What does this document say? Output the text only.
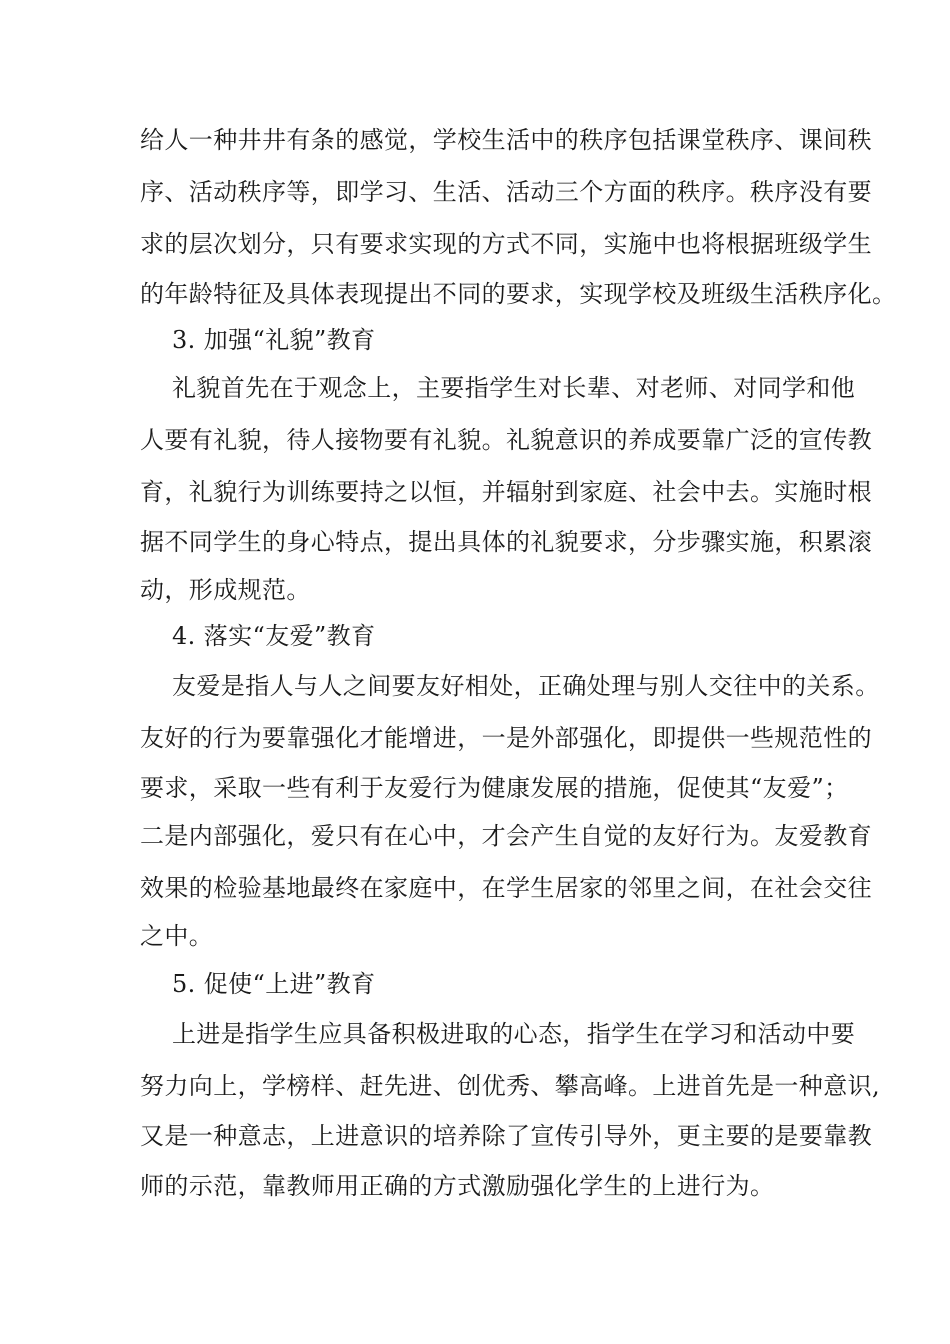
给人一种井井有条的感觉，学校生活中的秩序包括课堂秩序、课间秩
序、活动秩序等，即学习、生活、活动三个方面的秩序。秩序没有要
求的层次划分，只有要求实现的方式不同，实施中也将根据班级学生
的年龄特征及具体表现提出不同的要求，实现学校及班级生活秩序化。
3. 加强“礼貌”教育
礼貌首先在于观念上，主要指学生对长辈、对老师、对同学和他
人要有礼貌，待人接物要有礼貌。礼貌意识的养成要靠广泛的宣传教
育，礼貌行为训练要持之以恒，并辐射到家庭、社会中去。实施时根
据不同学生的身心特点，提出具体的礼貌要求，分步骤实施，积累滚
动，形成规范。
4. 落实“友爱”教育
友爱是指人与人之间要友好相处，正确处理与别人交往中的关系。
友好的行为要靠强化才能增进，一是外部强化，即提供一些规范性的
要求，采取一些有利于友爱行为健康发展的措施，促使其“友爱”；
二是内部强化，爱只有在心中，才会产生自觉的友好行为。友爱教育
效果的检验基地最终在家庭中，在学生居家的邻里之间，在社会交往
之中。
5. 促使“上进”教育
上进是指学生应具备积极进取的心态，指学生在学习和活动中要
努力向上，学榜样、赶先进、创优秀、攀高峰。上进首先是一种意识,
又是一种意志，上进意识的培养除了宣传引导外，更主要的是要靠教
师的示范，靠教师用正确的方式激励强化学生的上进行为。
